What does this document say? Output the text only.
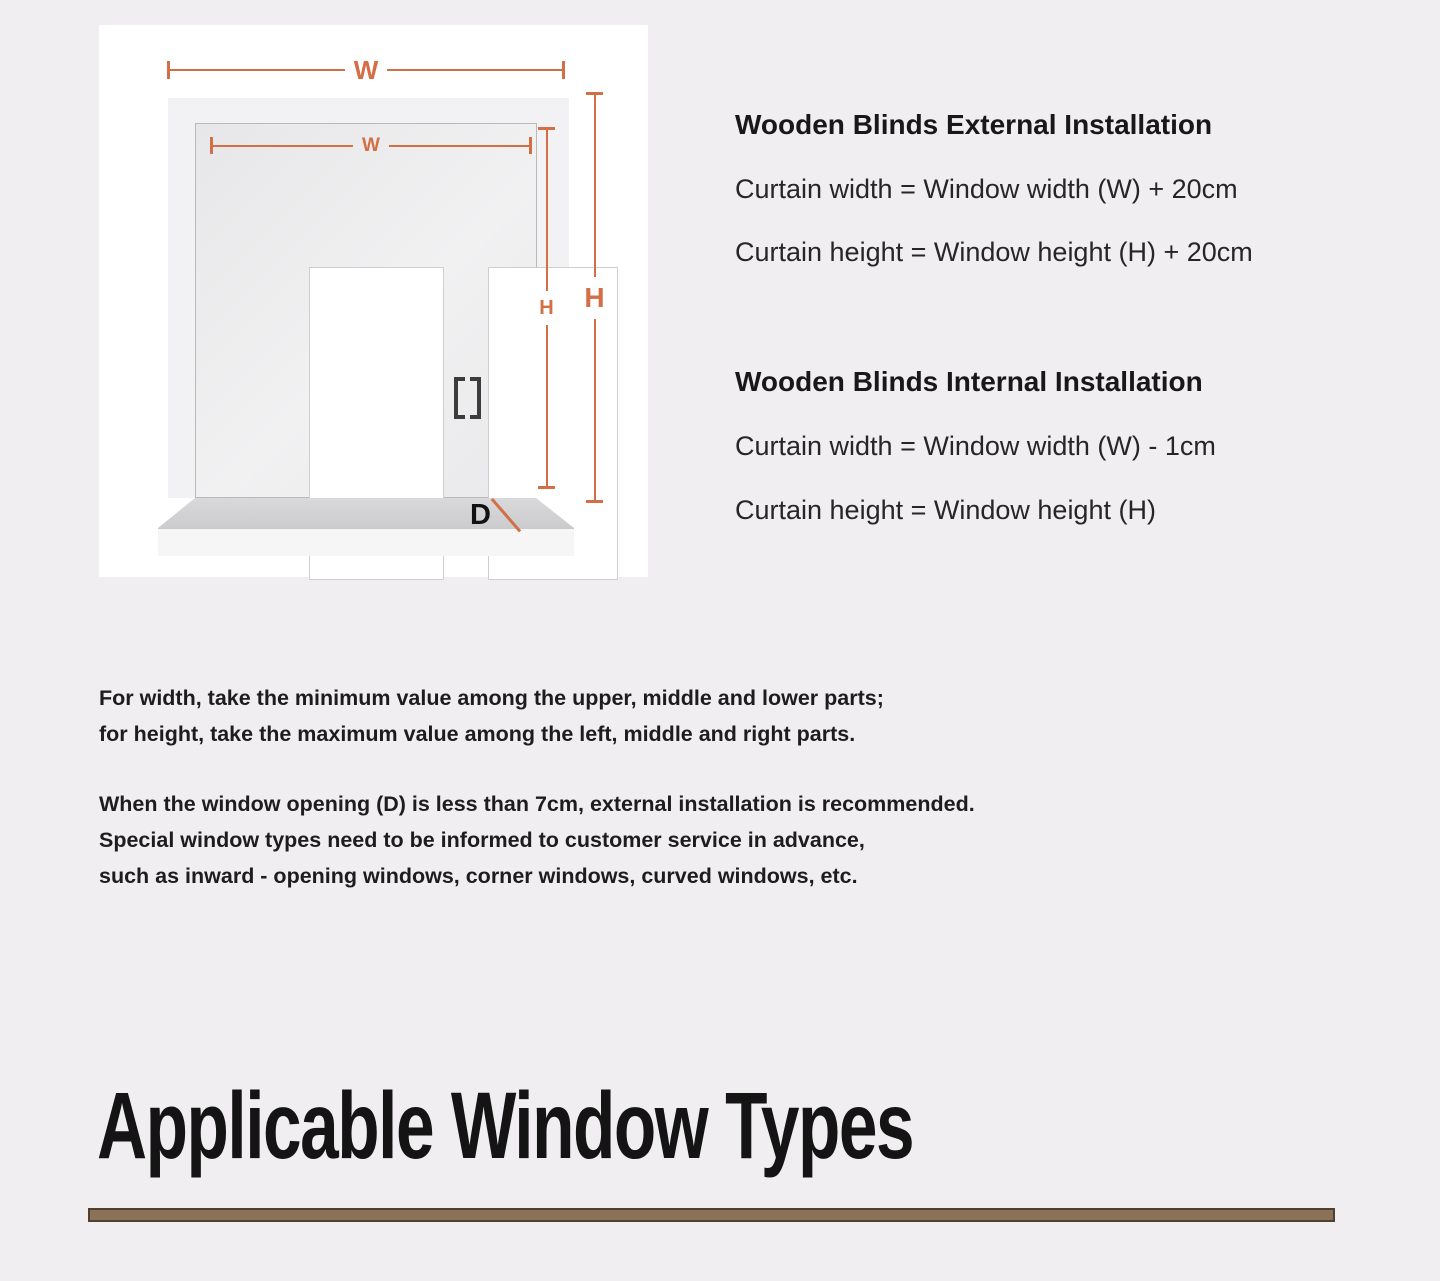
W
W
H H
D
Wooden Blinds External Installation
Curtain width = Window width (W) + 20cm
Curtain height = Window height (H) + 20cm
Wooden Blinds Internal Installation
Curtain width = Window width (W) - 1cm
Curtain height = Window height (H)
For width, take the minimum value among the upper, middle and lower parts;
for height, take the maximum value among the left, middle and right parts.
When the window opening (D) is less than 7cm, external installation is recommended.
Special window types need to be informed to customer service in advance,
such as inward - opening windows, corner windows, curved windows, etc.
Applicable Window Types
